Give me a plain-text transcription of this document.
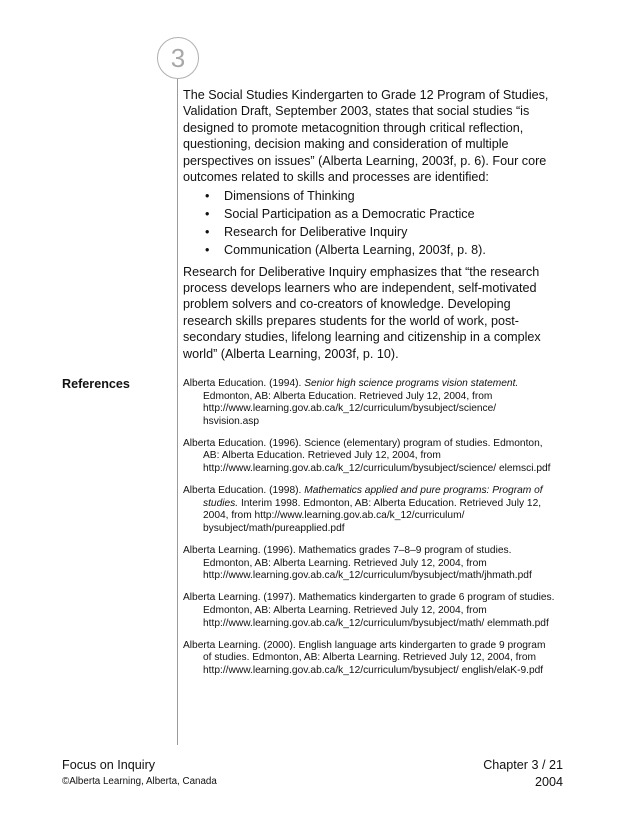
3

The Social Studies Kindergarten to Grade 12 Program of Studies, Validation Draft, September 2003, states that social studies “is designed to promote metacognition through critical reflection, questioning, decision making and consideration of multiple perspectives on issues” (Alberta Learning, 2003f, p. 6). Four core outcomes related to skills and processes are identified:

• Dimensions of Thinking
• Social Participation as a Democratic Practice
• Research for Deliberative Inquiry
• Communication (Alberta Learning, 2003f, p. 8).

Research for Deliberative Inquiry emphasizes that “the research process develops learners who are independent, self-motivated problem solvers and co-creators of knowledge. Developing research skills prepares students for the world of work, post-secondary studies, lifelong learning and citizenship in a complex world” (Alberta Learning, 2003f, p. 10).

References	Alberta Education. (1994). Senior high science programs vision statement. Edmonton, AB: Alberta Education. Retrieved July 12, 2004, from http://www.learning.gov.ab.ca/k_12/curriculum/bysubject/science/ hsvision.asp
Alberta Education. (1996). Science (elementary) program of studies. Edmonton, AB: Alberta Education. Retrieved July 12, 2004, from http://www.learning.gov.ab.ca/k_12/curriculum/bysubject/science/ elemsci.pdf
Alberta Education. (1998). Mathematics applied and pure programs: Program of studies. Interim 1998. Edmonton, AB: Alberta Education. Retrieved July 12, 2004, from http://www.learning.gov.ab.ca/k_12/curriculum/ bysubject/math/pureapplied.pdf
Alberta Learning. (1996). Mathematics grades 7–8–9 program of studies. Edmonton, AB: Alberta Learning. Retrieved July 12, 2004, from http://www.learning.gov.ab.ca/k_12/curriculum/bysubject/math/jhmath.pdf
Alberta Learning. (1997). Mathematics kindergarten to grade 6 program of studies. Edmonton, AB: Alberta Learning. Retrieved July 12, 2004, from http://www.learning.gov.ab.ca/k_12/curriculum/bysubject/math/ elemmath.pdf
Alberta Learning. (2000). English language arts kindergarten to grade 9 program of studies. Edmonton, AB: Alberta Learning. Retrieved July 12, 2004, from http://www.learning.gov.ab.ca/k_12/curriculum/bysubject/ english/elaK-9.pdf
Focus on Inquiry
©Alberta Learning, Alberta, Canada
Chapter 3 / 21
2004
